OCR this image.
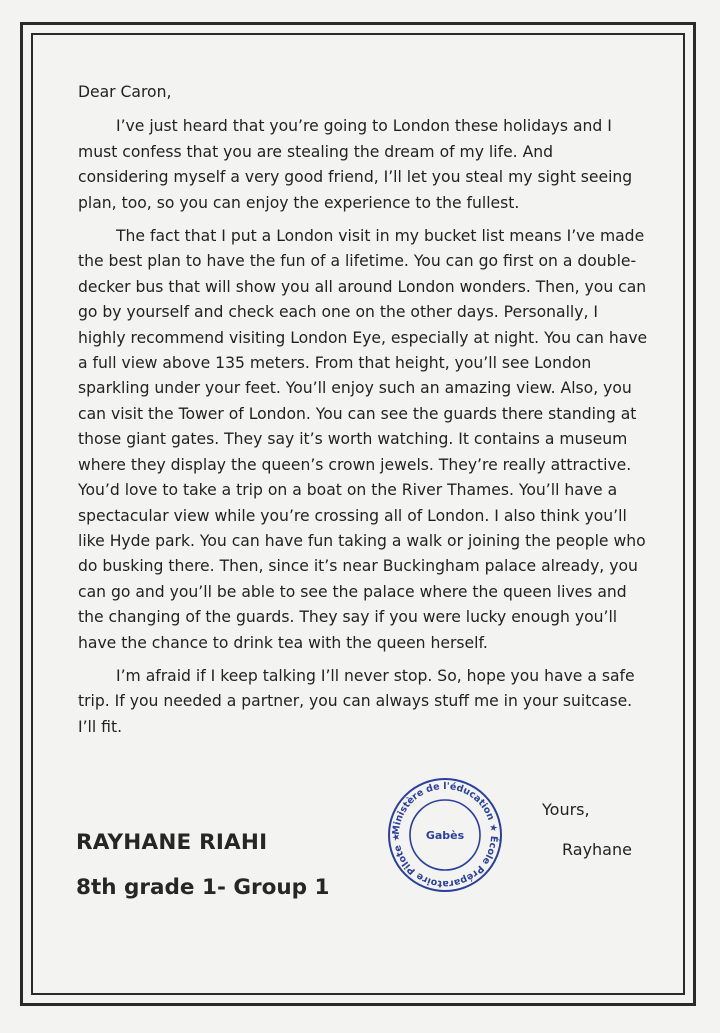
Dear Caron,

I’ve just heard that you’re going to London these holidays and I must confess that you are stealing the dream of my life. And considering myself a very good friend, I’ll let you steal my sight seeing plan, too, so you can enjoy the experience to the fullest.

The fact that I put a London visit in my bucket list means I’ve made the best plan to have the fun of a lifetime. You can go first on a double-decker bus that will show you all around London wonders. Then, you can go by yourself and check each one on the other days. Personally, I highly recommend visiting London Eye, especially at night. You can have a full view above 135 meters. From that height, you’ll see London sparkling under your feet. You’ll enjoy such an amazing view. Also, you can visit the Tower of London. You can see the guards there standing at those giant gates. They say it’s worth watching. It contains a museum where they display the queen’s crown jewels. They’re really attractive. You’d love to take a trip on a boat on the River Thames. You’ll have a spectacular view while you’re crossing all of London. I also think you’ll like Hyde park. You can have fun taking a walk or joining the people who do busking there. Then, since it’s near Buckingham palace already, you can go and you’ll be able to see the palace where the queen lives and the changing of the guards. They say if you were lucky enough you’ll have the chance to drink tea with the queen herself.

I’m afraid if I keep talking I’ll never stop. So, hope you have a safe trip. If you needed a partner, you can always stuff me in your suitcase. I’ll fit.

Yours,
Rayhane
RAYHANE RIAHI
8th grade 1- Group 1
Ministère de l'éducation ★ École Préparatoire Pilote ★	Gabès
